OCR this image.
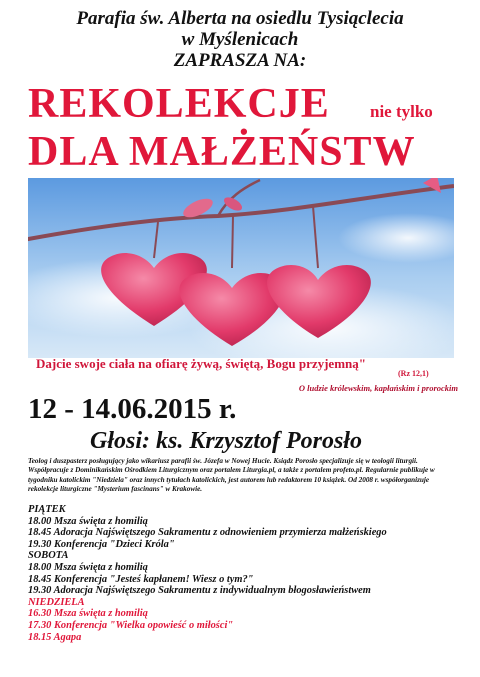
Parafia św. Alberta na osiedlu Tysiąclecia
w Myślenicach
ZAPRASZA NA:
REKOLEKCJE nie tylko
DLA MAŁŻEŃSTW
Dajcie swoje ciała na ofiarę żywą, świętą, Bogu przyjemną"
(Rz 12,1)
O ludzie królewskim, kapłańskim i prorockim
12 - 14.06.2015 r.
Głosi: ks. Krzysztof Porosło
Teolog i duszpasterz posługujący jako wikariusz parafii św. Józefa w Nowej Hucie. Ksiądz Porosło specjalizuje się w teologii liturgii. Współpracuje z Dominikańskim Ośrodkiem Liturgicznym oraz portalem Liturgia.pl, a także z portalem profeto.pl. Regularnie publikuje w tygodniku katolickim "Niedziela" oraz innych tytułach katolickich, jest autorem lub redaktorem 10 książek. Od 2008 r. współorganizuje rekolekcje liturgiczne "Mysterium fascinans" w Krakowie.
PIĄTEK
18.00 Msza święta z homilią
18.45 Adoracja Najświętszego Sakramentu z odnowieniem przymierza małżeńskiego
19.30 Konferencja "Dzieci Króla"
SOBOTA
18.00 Msza święta z homilią
18.45 Konferencja "Jesteś kapłanem! Wiesz o tym?"
19.30 Adoracja Najświętszego Sakramentu z indywidualnym błogosławieństwem
NIEDZIELA
16.30 Msza święta z homilią
17.30 Konferencja "Wielka opowieść o miłości"
18.15 Agapa
